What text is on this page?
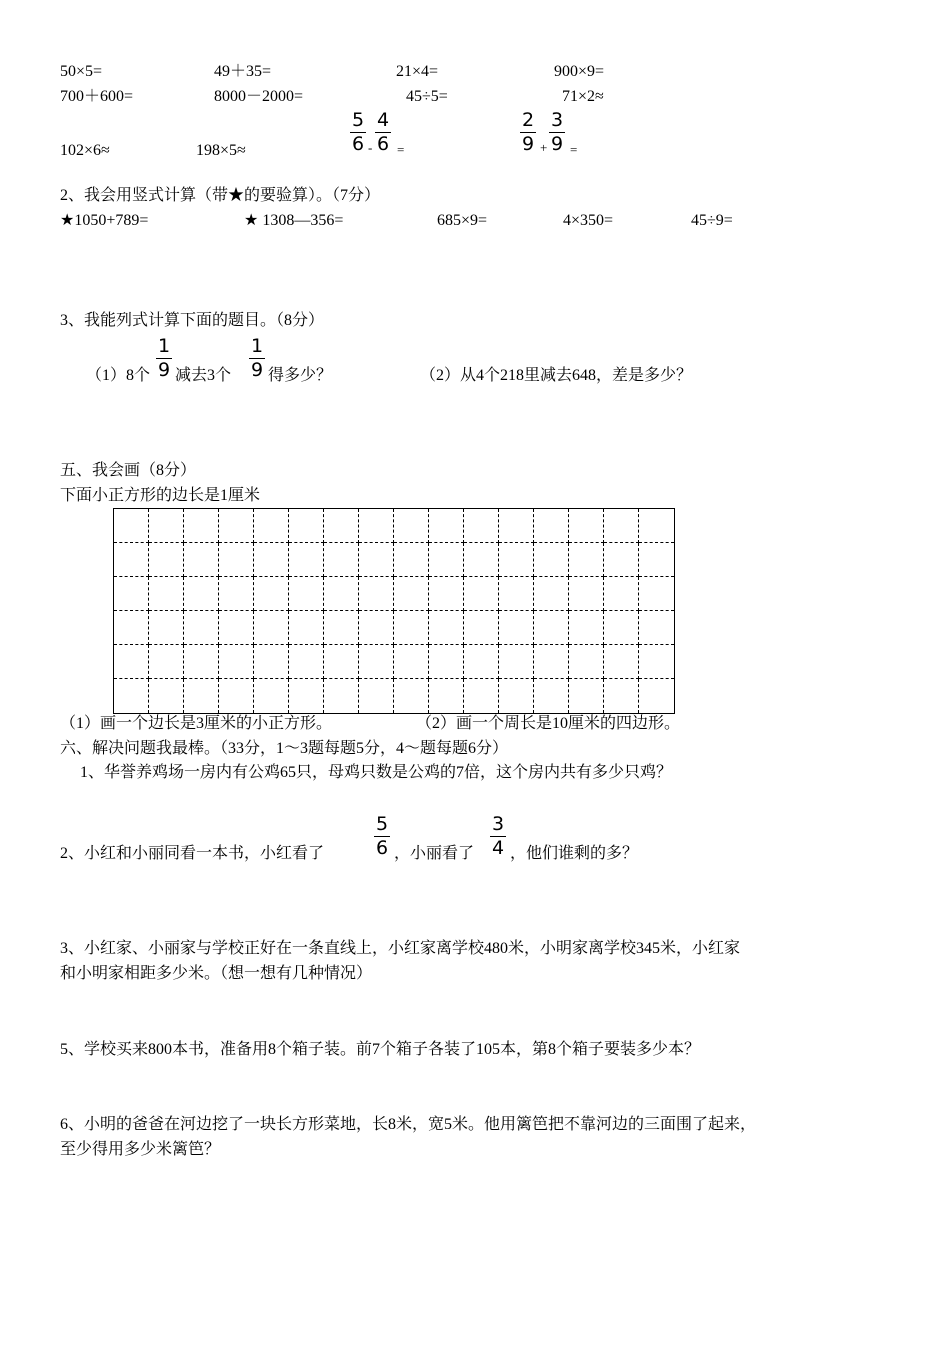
50×5=	49＋35=	21×4=	900×9=
700＋600=	8000－2000=	45÷5=	71×2≈
102×6≈	198×5≈	$\frac{5}{6} - \frac{4}{6}$ =	$\frac{2}{9} + \frac{3}{9}$ =
2、我会用竖式计算（带★的要验算）。（7分）
★1050+789=	★ 1308—356=	685×9=	4×350=	45÷9=
3、我能列式计算下面的题目。（8分）
（1）8个 $\frac{1}{9}$ 减去3个 $\frac{1}{9}$ 得多少？	（2）从4个218里减去648，差是多少？
五、我会画（8分）
下面小正方形的边长是1厘米
（1）画一个边长是3厘米的小正方形。	（2）画一个周长是10厘米的四边形。
六、解决问题我最棒。（33分，1～3题每题5分，4～题每题6分）
1、华誉养鸡场一房内有公鸡65只，母鸡只数是公鸡的7倍，这个房内共有多少只鸡？
2、小红和小丽同看一本书，小红看了	$\frac{5}{6}$ ，小丽看了 $\frac{3}{4}$ ，他们谁剩的多？
3、小红家、小丽家与学校正好在一条直线上，小红家离学校480米，小明家离学校345米，小红家
和小明家相距多少米。（想一想有几种情况）
5、学校买来800本书，准备用8个箱子装。前7个箱子各装了105本，第8个箱子要装多少本？
6、小明的爸爸在河边挖了一块长方形菜地，长8米，宽5米。他用篱笆把不靠河边的三面围了起来，
至少得用多少米篱笆？
